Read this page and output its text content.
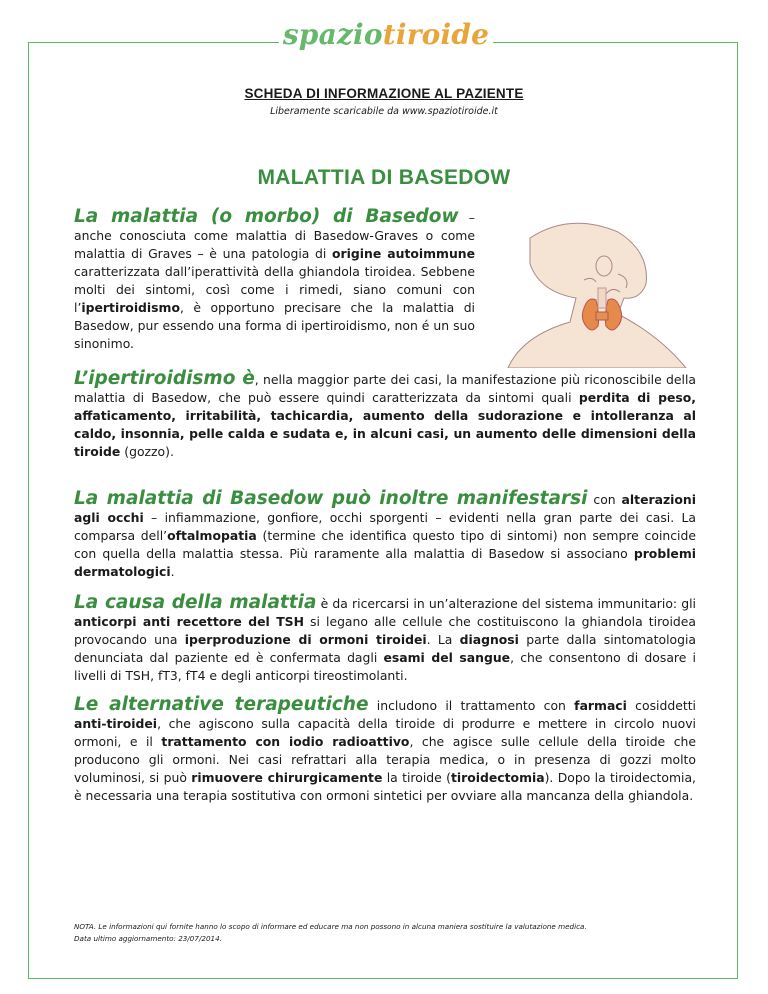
spazio tiroide
SCHEDA DI INFORMAZIONE AL PAZIENTE
Liberamente scaricabile da www.spaziotiroide.it
MALATTIA DI BASEDOW
La malattia (o morbo) di Basedow – anche conosciuta come malattia di Basedow-Graves o come malattia di Graves – è una patologia di origine autoimmune caratterizzata dall’iperattività della ghiandola tiroidea. Sebbene molti dei sintomi, così come i rimedi, siano comuni con l’ipertiroidismo, è opportuno precisare che la malattia di Basedow, pur essendo una forma di ipertiroidismo, non é un suo sinonimo.
L’ipertiroidismo è, nella maggior parte dei casi, la manifestazione più riconoscibile della malattia di Basedow, che può essere quindi caratterizzata da sintomi quali perdita di peso, affaticamento, irritabilità, tachicardia, aumento della sudorazione e intolleranza al caldo, insonnia, pelle calda e sudata e, in alcuni casi, un aumento delle dimensioni della tiroide (gozzo).
La malattia di Basedow può inoltre manifestarsi con alterazioni agli occhi – infiammazione, gonfiore, occhi sporgenti – evidenti nella gran parte dei casi. La comparsa dell’oftalmopatia (termine che identifica questo tipo di sintomi) non sempre coincide con quella della malattia stessa. Più raramente alla malattia di Basedow si associano problemi dermatologici.
La causa della malattia è da ricercarsi in un’alterazione del sistema immunitario: gli anticorpi anti recettore del TSH si legano alle cellule che costituiscono la ghiandola tiroidea provocando una iperproduzione di ormoni tiroidei. La diagnosi parte dalla sintomatologia denunciata dal paziente ed è confermata dagli esami del sangue, che consentono di dosare i livelli di TSH, fT3, fT4 e degli anticorpi tireostimolanti.
Le alternative terapeutiche includono il trattamento con farmaci cosiddetti anti-tiroidei, che agiscono sulla capacità della tiroide di produrre e mettere in circolo nuovi ormoni, e il trattamento con iodio radioattivo, che agisce sulle cellule della tiroide che producono gli ormoni. Nei casi refrattari alla terapia medica, o in presenza di gozzi molto voluminosi, si può rimuovere chirurgicamente la tiroide (tiroidectomia). Dopo la tiroidectomia, è necessaria una terapia sostitutiva con ormoni sintetici per ovviare alla mancanza della ghiandola.
NOTA. Le informazioni qui fornite hanno lo scopo di informare ed educare ma non possono in alcuna maniera sostituire la valutazione medica.
Data ultimo aggiornamento: 23/07/2014.
